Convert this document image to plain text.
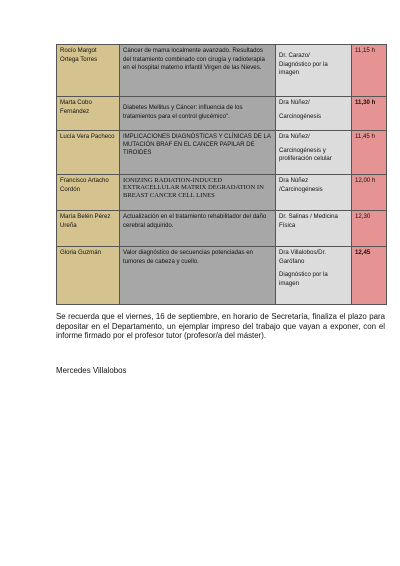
Rocío Margot Ortega Torres	Cáncer de mama localmente avanzado. Resultados del tratamiento combinado con cirugía y radioterapia en el hospital materno infantil Virgen de las Nieves.	Dr. Carazo/
Diagnóstico por la imagen	11,15 h
Marta Cobo Fernández	Diabetes Mellitus y Cáncer: influencia de los tratamientos para el control glucémico".	Dra Núñez/
Carcinogénesis	11,30 h
Lucía Vera Pacheco	IMPLICACIONES DIAGNÓSTICAS Y CLÍNICAS DE LA MUTACIÓN BRAF EN EL CANCER PAPILAR DE TIROIDES	Dra Núñez/
Carcinogénesis y proliferación celular	11,45 h
Francisco Artacho Cordón	IONIZING RADIATION-INDUCED EXTRACELLULAR MATRIX DEGRADATION IN BREAST CANCER CELL LINES	Dra Núñez
/Carcinogénesis	12,00 h
María Belén Pérez Ureña	Actualización en el tratamiento rehabilitador del daño cerebral adquirido.	Dr. Salinas / Medicina Física	12,30
Gloria Guzmán	Valor diagnóstico de secuencias potenciadas en tumores de cabeza y cuello.	Dra Villalobos/Dr. Garófano
Diagnóstico por la imagen	12,45

Se recuerda que el viernes, 16 de septiembre, en horario de Secretaría, finaliza el plazo para depositar en el Departamento, un ejemplar impreso del trabajo que vayan a exponer, con el informe firmado por el profesor tutor (profesor/a del máster).

Mercedes Villalobos
